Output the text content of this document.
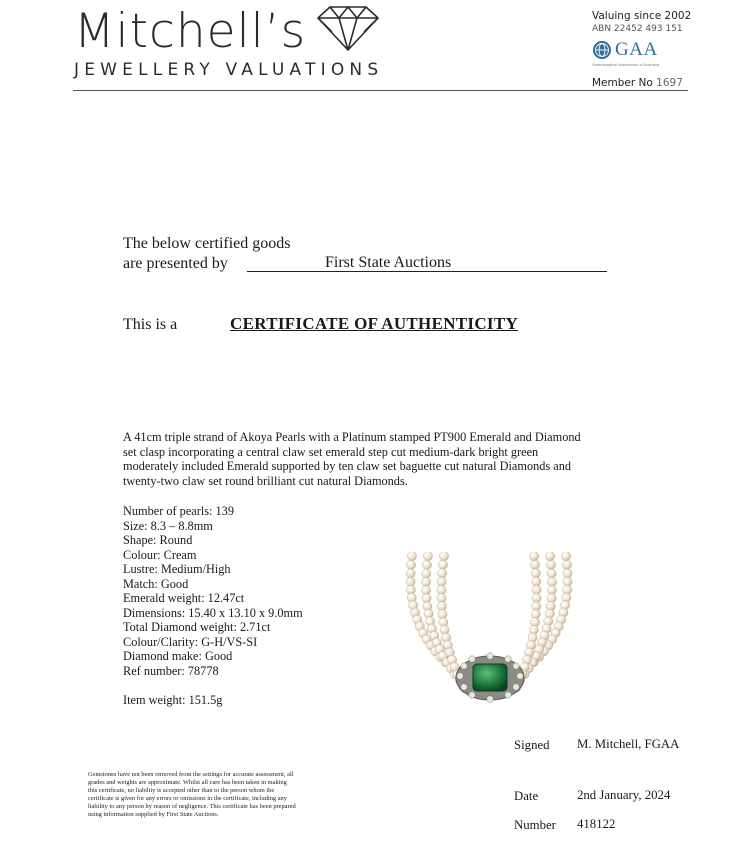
Mitchell’s
JEWELLERY VALUATIONS
Valuing since 2002
ABN 22452 493 151
GAA
Gemmological Association of Australia
Member No 1697
The below certified goods
are presented by	First State Auctions
This is a	CERTIFICATE OF AUTHENTICITY
A 41cm triple strand of Akoya Pearls with a Platinum stamped PT900 Emerald and Diamond set clasp incorporating a central claw set emerald step cut medium-dark bright green moderately included Emerald supported by ten claw set baguette cut natural Diamonds and twenty-two claw set round brilliant cut natural Diamonds.
Number of pearls: 139
Size: 8.3 – 8.8mm
Shape: Round
Colour: Cream
Lustre: Medium/High
Match: Good
Emerald weight: 12.47ct
Dimensions: 15.40 x 13.10 x 9.0mm
Total Diamond weight: 2.71ct
Colour/Clarity: G-H/VS-SI
Diamond make: Good
Ref number: 78778
Item weight: 151.5g
Signed M. Mitchell, FGAA
Date	2nd January, 2024
Number 418122
Gemstones have not been removed from the settings for accurate assessment, all grades and weights are approximate. Whilst all care has been taken in making this certificate, no liability is accepted other than to the person whom the certificate is given for any errors or omissions in the certificate, including any liability to any person by reason of negligence. This certificate has been prepared using information supplied by First State Auctions.
